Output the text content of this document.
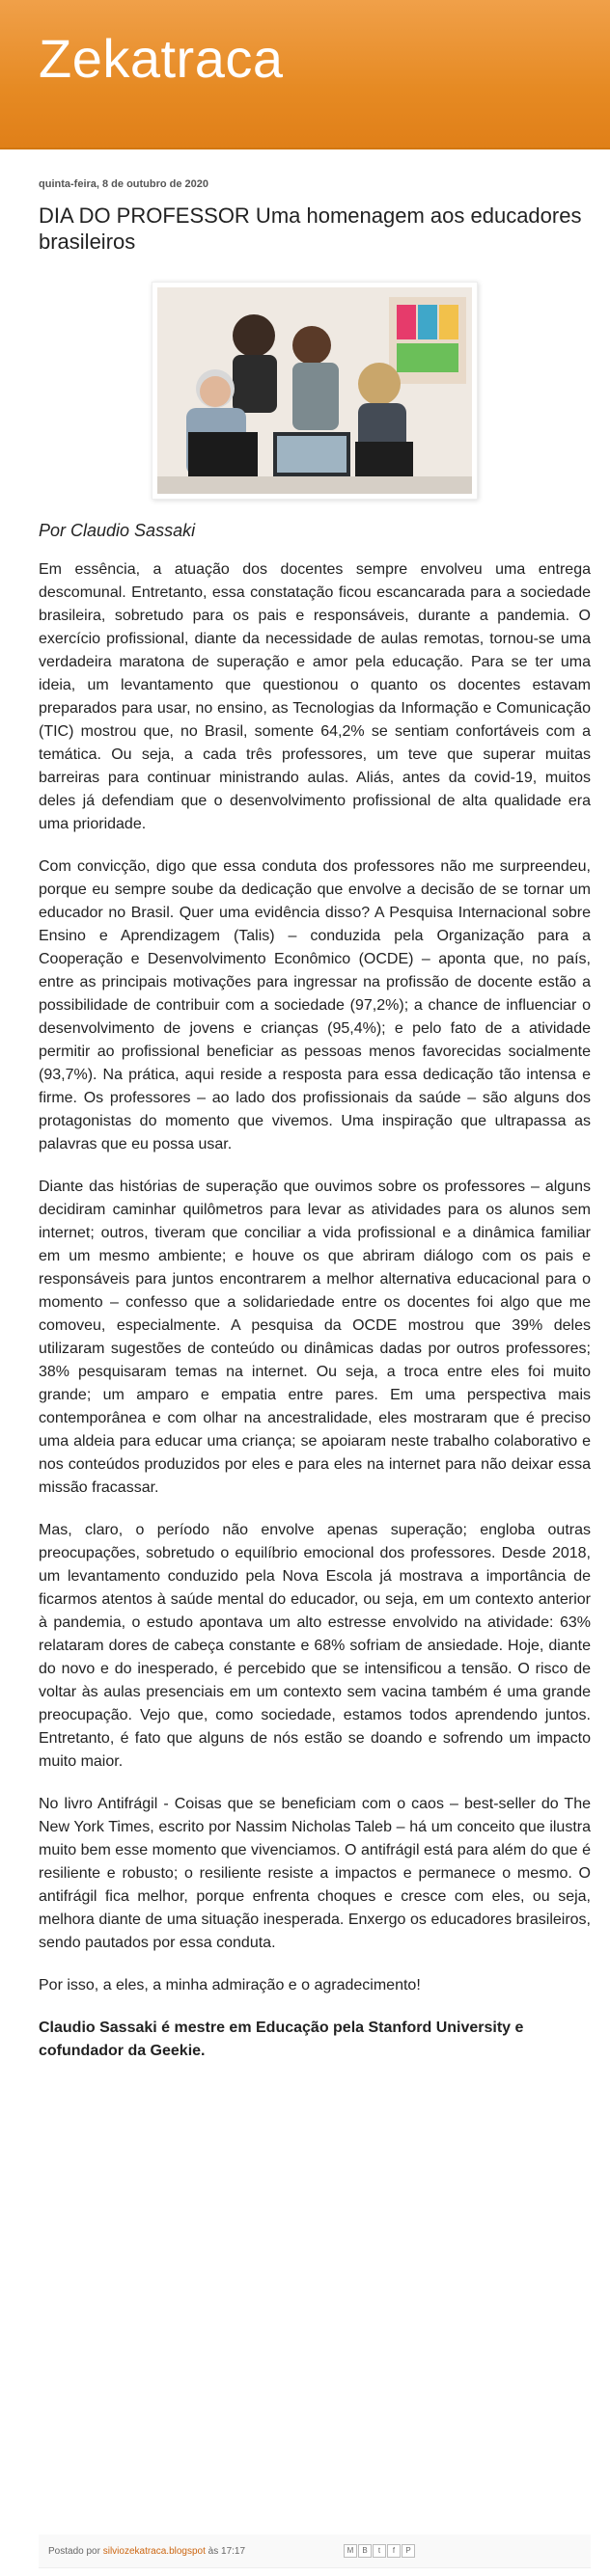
Zekatraca
quinta-feira, 8 de outubro de 2020
DIA DO PROFESSOR Uma homenagem aos educadores brasileiros

Por Claudio Sassaki

Em essência, a atuação dos docentes sempre envolveu uma entrega descomunal. Entretanto, essa constatação ficou escancarada para a sociedade brasileira, sobretudo para os pais e responsáveis, durante a pandemia. O exercício profissional, diante da necessidade de aulas remotas, tornou-se uma verdadeira maratona de superação e amor pela educação. Para se ter uma ideia, um levantamento que questionou o quanto os docentes estavam preparados para usar, no ensino, as Tecnologias da Informação e Comunicação (TIC) mostrou que, no Brasil, somente 64,2% se sentiam confortáveis com a temática. Ou seja, a cada três professores, um teve que superar muitas barreiras para continuar ministrando aulas. Aliás, antes da covid-19, muitos deles já defendiam que o desenvolvimento profissional de alta qualidade era uma prioridade.

Com convicção, digo que essa conduta dos professores não me surpreendeu, porque eu sempre soube da dedicação que envolve a decisão de se tornar um educador no Brasil. Quer uma evidência disso? A Pesquisa Internacional sobre Ensino e Aprendizagem (Talis) – conduzida pela Organização para a Cooperação e Desenvolvimento Econômico (OCDE) – aponta que, no país, entre as principais motivações para ingressar na profissão de docente estão a possibilidade de contribuir com a sociedade (97,2%); a chance de influenciar o desenvolvimento de jovens e crianças (95,4%); e pelo fato de a atividade permitir ao profissional beneficiar as pessoas menos favorecidas socialmente (93,7%). Na prática, aqui reside a resposta para essa dedicação tão intensa e firme. Os professores – ao lado dos profissionais da saúde – são alguns dos protagonistas do momento que vivemos. Uma inspiração que ultrapassa as palavras que eu possa usar.

Diante das histórias de superação que ouvimos sobre os professores – alguns decidiram caminhar quilômetros para levar as atividades para os alunos sem internet; outros, tiveram que conciliar a vida profissional e a dinâmica familiar em um mesmo ambiente; e houve os que abriram diálogo com os pais e responsáveis para juntos encontrarem a melhor alternativa educacional para o momento – confesso que a solidariedade entre os docentes foi algo que me comoveu, especialmente. A pesquisa da OCDE mostrou que 39% deles utilizaram sugestões de conteúdo ou dinâmicas dadas por outros professores; 38% pesquisaram temas na internet. Ou seja, a troca entre eles foi muito grande; um amparo e empatia entre pares. Em uma perspectiva mais contemporânea e com olhar na ancestralidade, eles mostraram que é preciso uma aldeia para educar uma criança; se apoiaram neste trabalho colaborativo e nos conteúdos produzidos por eles e para eles na internet para não deixar essa missão fracassar.

Mas, claro, o período não envolve apenas superação; engloba outras preocupações, sobretudo o equilíbrio emocional dos professores. Desde 2018, um levantamento conduzido pela Nova Escola já mostrava a importância de ficarmos atentos à saúde mental do educador, ou seja, em um contexto anterior à pandemia, o estudo apontava um alto estresse envolvido na atividade: 63% relataram dores de cabeça constante e 68% sofriam de ansiedade. Hoje, diante do novo e do inesperado, é percebido que se intensificou a tensão. O risco de voltar às aulas presenciais em um contexto sem vacina também é uma grande preocupação. Vejo que, como sociedade, estamos todos aprendendo juntos. Entretanto, é fato que alguns de nós estão se doando e sofrendo um impacto muito maior.

No livro Antifrágil - Coisas que se beneficiam com o caos – best-seller do The New York Times, escrito por Nassim Nicholas Taleb – há um conceito que ilustra muito bem esse momento que vivenciamos. O antifrágil está para além do que é resiliente e robusto; o resiliente resiste a impactos e permanece o mesmo. O antifrágil fica melhor, porque enfrenta choques e cresce com eles, ou seja, melhora diante de uma situação inesperada. Enxergo os educadores brasileiros, sendo pautados por essa conduta.

Por isso, a eles, a minha admiração e o agradecimento!

Claudio Sassaki é mestre em Educação pela Stanford University e cofundador da Geekie.

Postado por silviozekatraca.blogspot às 17:17	M	B	t	f	P
